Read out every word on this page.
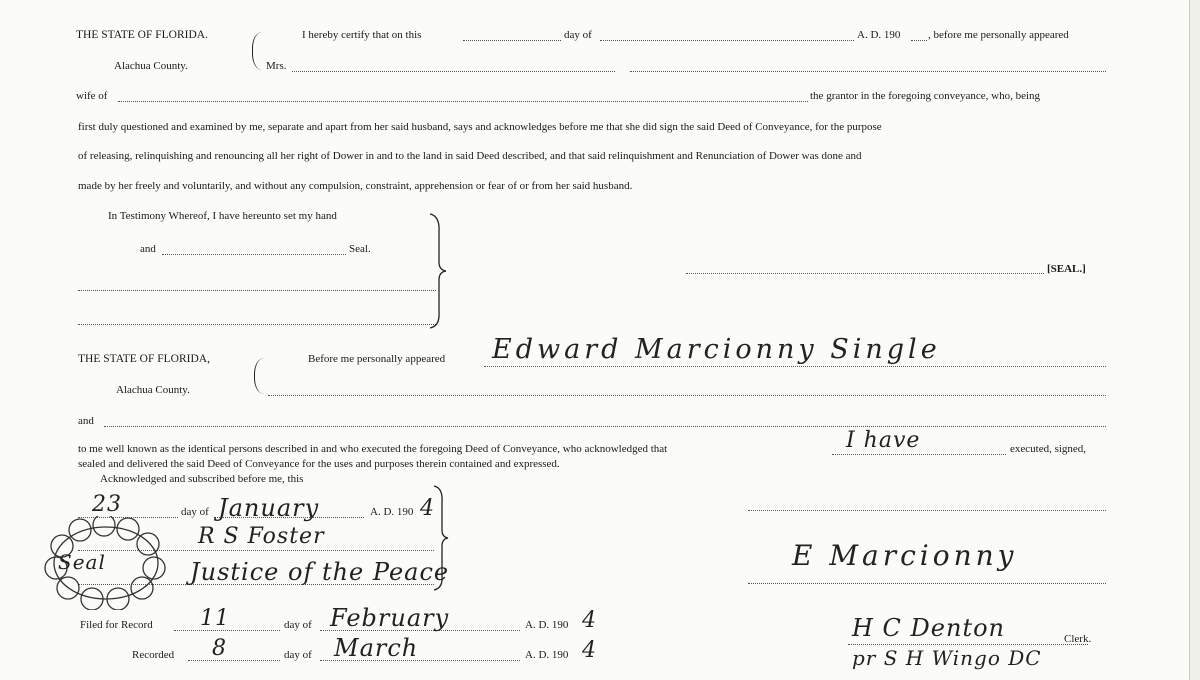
THE STATE OF FLORIDA.
Alachua County.
I hereby certify that on this	day of	A. D. 190	, before me personally appeared
Mrs.
wife of	the grantor in the foregoing conveyance, who, being
first duly questioned and examined by me, separate and apart from her said husband, says and acknowledges before me that she did sign the said Deed of Conveyance, for the purpose
of releasing, relinquishing and renouncing all her right of Dower in and to the land in said Deed described, and that said relinquishment and Renunciation of Dower was done and
made by her freely and voluntarily, and without any compulsion, constraint, apprehension or fear of or from her said husband.
In Testimony Whereof, I have hereunto set my hand
and	Seal.
[SEAL.]
THE STATE OF FLORIDA,
Alachua County.
Before me personally appeared Edward Marcionny Single
and
to me well known as the identical persons described in and who executed the foregoing Deed of Conveyance, who acknowledged that	I have	executed, signed,
sealed and delivered the said Deed of Conveyance for the uses and purposes therein contained and expressed.
Acknowledged and subscribed before me, this
23	day of January	A. D. 190 4
R S Foster
Justice of the Peace
Seal	E Marcionny
Filed for Record 11	day of February	A. D. 190 4
Recorded 8	day of March	A. D. 190 4
H C Denton	Clerk.
pr S H Wingo DC
